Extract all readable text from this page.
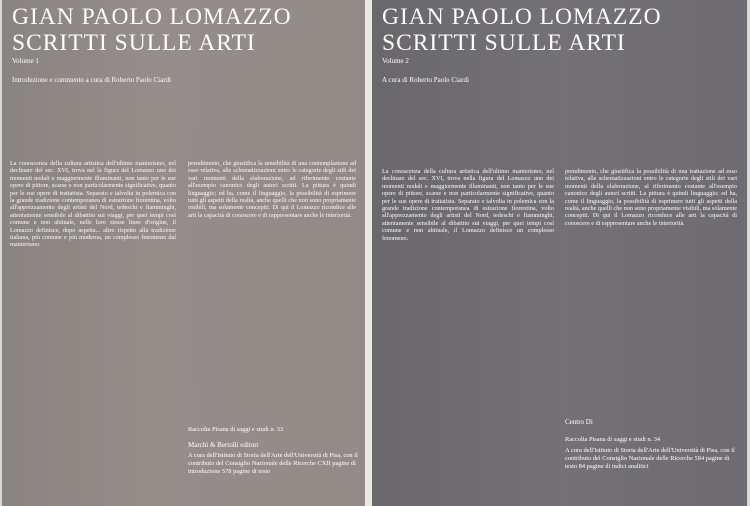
GIAN PAOLO LOMAZZO
SCRITTI SULLE ARTI
Volume 1
Introduzione e commento a cura di Roberto Paolo Ciardi
La conoscenza della cultura artistica dell'ultimo manierismo, nel declinare del sec. XVI, trova nel la figura del Lomazzo uno dei momenti nodali e maggiormente illuminanti, non tanto per le sue opere di pittore, scarse e non particolarmente significative, quanto per le sue opere di trattatista. Separato e talvolta in polemica con la grande tradizione contemporanea di estrazione fiorentina, volto all'apprezzamento degli artisti del Nord, tedeschi e fiamminghi, attentamente sensibile al dibattito sui viaggi, per quei tempi così comune e non abituale, nelle loro stesse linee d'origine, il Lomazzo definisce, dopo aspetta... altro rispetto alla tradizione italiana, più comune e più moderna, un complesso fenomeno dal manierismo.
prendimento, che giustifica la sensibilità di una contemplazione ad esso relativa, alle schematizzazioni entro le categorie degli stili dei vari momenti della elaborazione, ad riferimento costante all'esempio canonico degli autori scritti. La pittura è quindi linguaggio; ed ha, come il linguaggio, la possibilità di esprimere tutti gli aspetti della realtà, anche quelli che non sono propriamente visibili, ma solamente concepiti. Di qui il Lomazzo ricondice alle arti la capacità di conoscere e di rappresentare anche le interiorità.
Raccolta Pisana di saggi e studi n. 33
Marchi & Bertolli editori
A cura dell'Istituto di Storia dell'Arte dell'Università di Pisa, con il contributo del Consiglio Nazionale delle Ricerche CXII pagine di introduzione 578 pagine di testo
GIAN PAOLO LOMAZZO
SCRITTI SULLE ARTI
Volume 2
A cura di Roberto Paolo Ciardi
La conoscenza della cultura artistica dell'ultimo manierismo, nel declinare del sec. XVI, trova nella figura del Lomazzo uno dei momenti nodali e maggiormente illuminanti, non tanto per le sue opere di pittore, scarse e non particolarmente significative, quanto per le sue opere di trattatista. Separato e talvolta in polemica con la grande tradizione contemporanea di estrazione fiorentina, volto all'apprezzamento degli artisti del Nord, tedeschi e fiamminghi, attentamente sensibile al dibattito sui viaggi, per quei tempi così comune e non abituale, il Lomazzo definisce un complesso fenomeno.
prendimento, che giustifica la possibilità di una trattazione ad esso relativa, alle schematizzazioni entro le categorie degli stili dei vari momenti della elaborazione, al riferimento costante all'esempio canonico degli autori scritti. La pittura è quindi linguaggio; ed ha, come il linguaggio, la possibilità di esprimere tutti gli aspetti della realtà, anche quelli che non sono propriamente visibili, ma solamente concepiti. Di qui il Lomazzo riconduce alle arti la capacità di conoscere e di rappresentare anche le interiorità.
Raccolta Pisana di saggi e studi n. 34
Centro Di
A cura dell'Istituto di Storia dell'Arte dell'Università di Pisa, con il contributo del Consiglio Nazionale delle Ricerche 584 pagine di testo 84 pagine di indici analitici
